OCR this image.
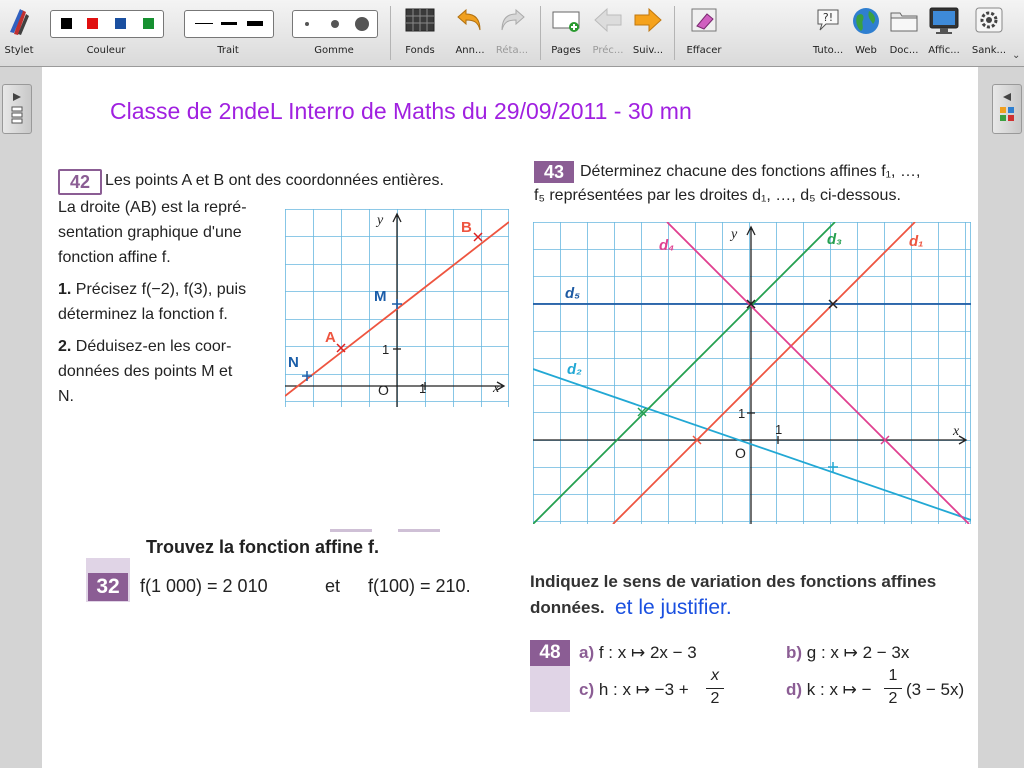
Stylet	Couleur	Trait	Gomme	Fonds	Ann...	Réta...	Pages	Préc... Suiv...	Effacer
?!
Tuto...	Web	Doc... Affic...	Sank... ⌄
Classe de 2ndeL Interro de Maths du 29/09/2011 - 30 mn
42 Les points A et B ont des coordonnées entières.
La droite (AB) est la repré-
sentation graphique d'une
fonction affine f.
1. Précisez f(−2), f(3), puis
déterminez la fonction f.
2. Déduisez-en les coor-
données des points M et
N.
y
x
O 1
1
A
B
M
N
43 Déterminez chacune des fonctions affines f₁, …,
f₅ représentées par les droites d₁, …, d₅ ci-dessous.
y
x
O
1
1
d₁
d₂
d₃
d₄
d₅
Trouvez la fonction affine f.
32	f(1 000) = 2 010	et f(100) = 210.	Indiquez le sens de variation des fonctions affines
données. et le justifier.
48	a) f : x ↦ 2x − 3	b) g : x ↦ 2 − 3x
c) h : x ↦ −3 +
x
2	d) k : x ↦ −
1
2 (3 − 5x)
